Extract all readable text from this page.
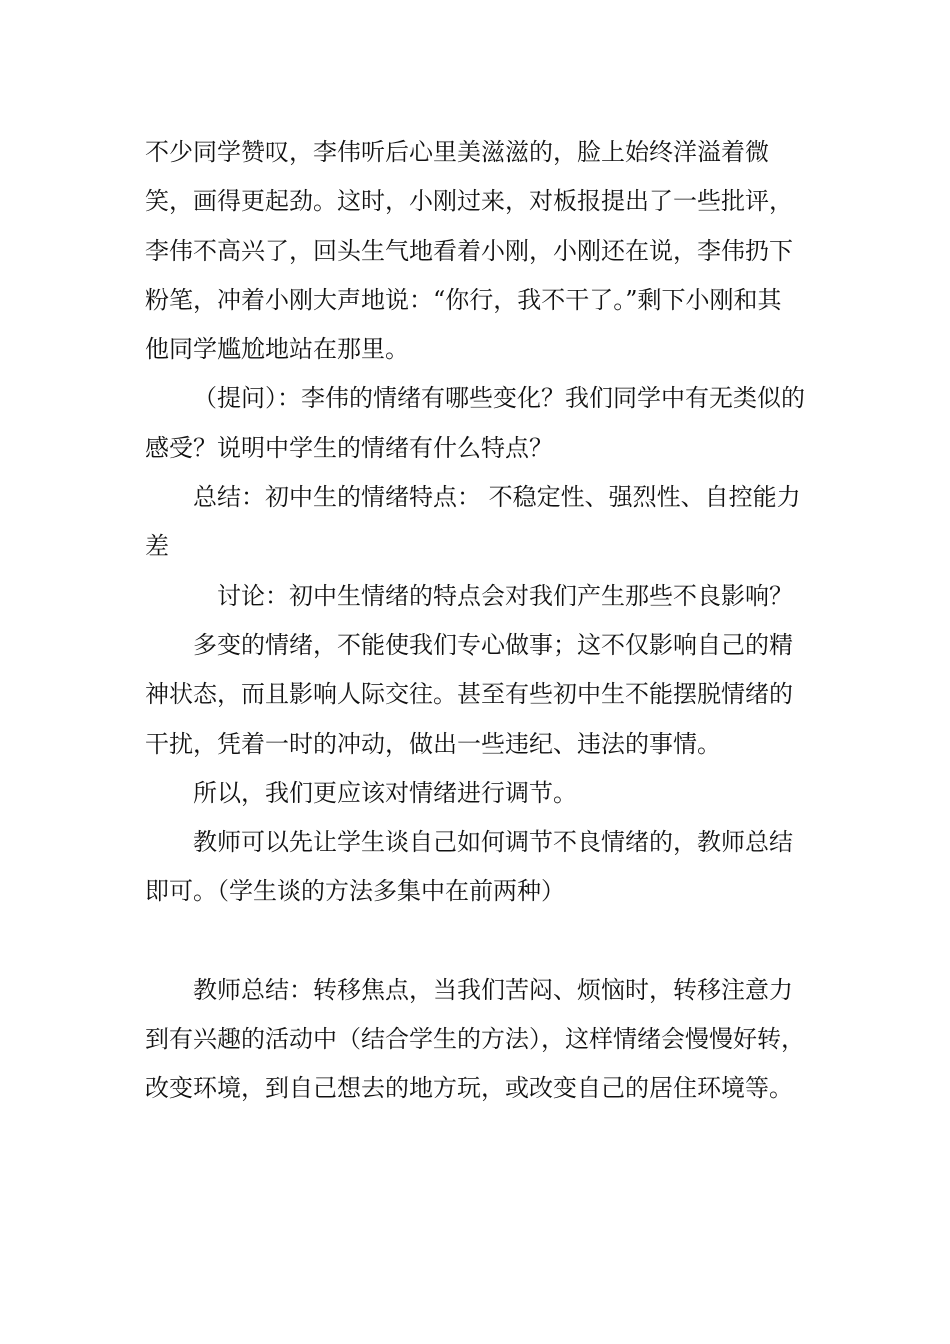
不少同学赞叹，李伟听后心里美滋滋的，脸上始终洋溢着微笑，画得更起劲。这时，小刚过来，对板报提出了一些批评，李伟不高兴了，回头生气地看着小刚，小刚还在说，李伟扔下粉笔，冲着小刚大声地说：“你行，我不干了。”剩下小刚和其他同学尴尬地站在那里。

（提问）：李伟的情绪有哪些变化？我们同学中有无类似的感受？说明中学生的情绪有什么特点？

总结：初中生的情绪特点： 不稳定性、强烈性、自控能力差

讨论：初中生情绪的特点会对我们产生那些不良影响？

多变的情绪，不能使我们专心做事；这不仅影响自己的精神状态，而且影响人际交往。甚至有些初中生不能摆脱情绪的干扰，凭着一时的冲动，做出一些违纪、违法的事情。

所以，我们更应该对情绪进行调节。

教师可以先让学生谈自己如何调节不良情绪的，教师总结即可。（学生谈的方法多集中在前两种）

教师总结：转移焦点，当我们苦闷、烦恼时，转移注意力到有兴趣的活动中（结合学生的方法），这样情绪会慢慢好转，改变环境，到自己想去的地方玩，或改变自己的居住环境等。
